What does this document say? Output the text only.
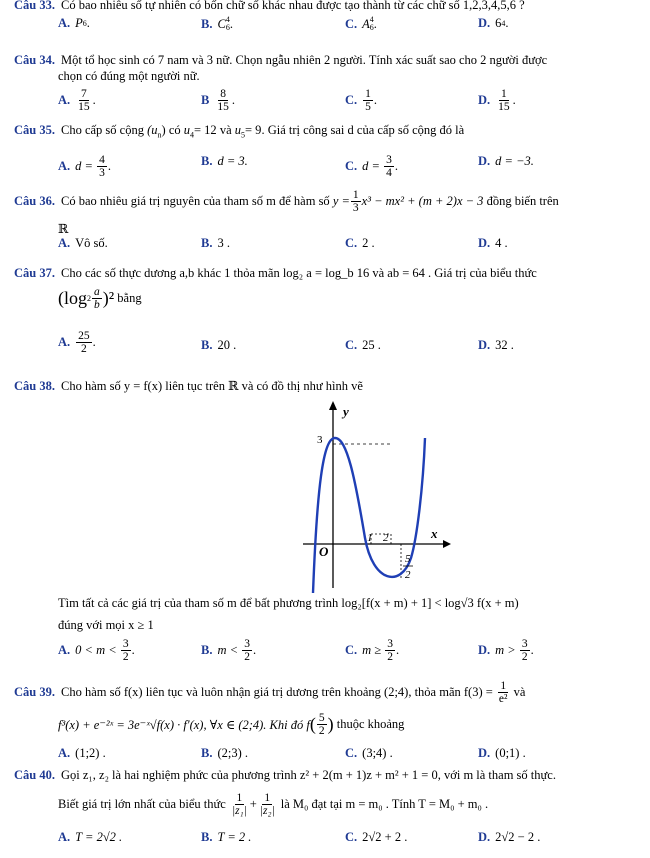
Câu 33. Có bao nhiêu số tự nhiên có bốn chữ số khác nhau được tạo thành từ các chữ số 1,2,3,4,5,6 ?
A. P 6 .	B. C 4
6 .	C. A 4
6 .	D. 6 4 .
Câu 34. Một tổ học sinh có 7 nam và 3 nữ. Chọn ngẫu nhiên 2 người. Tính xác suất sao cho 2 người được
chọn có đúng một người nữ.
A. $\frac{7}{15}$ .	B $\frac{8}{15}$ .	C. $\frac{1}{5}$ .	D. $\frac{1}{15}$ .
Câu 35. Cho cấp số cộng $(u_n)$ có $u_4= 12$ và $u_5= 9$. Giá trị công sai d của cấp số cộng đó là
A. d =
$\frac{4}{3}$ .	B. d = 3.	C. d =
$\frac{3}{4}$ .	D. d = −3.
Câu 36. Có bao nhiêu giá trị nguyên của tham số m để hàm số
$y = \frac{1}{3} x^3 - mx^2 + (m + 2)x - 3$
đồng biến trên
ℝ
A. Vô số.	B. 3 .	C. 2 .	D. 4 .
Câu 37. Cho các số thực dương a,b khác 1 thỏa mãn log₂ a = log_b 16 và ab = 64 . Giá trị của biểu thức
(log $2 \frac{a}{b} )^2$
bằng
A. $\frac{25}{2}$ .	B. 20 .	C. 25 .	D. 32 .
Câu 38. Cho hàm số y = f(x) liên tục trên ℝ và có đồ thị như hình vẽ
y
x
O
3
1 2
5
2
Tìm tất cả các giá trị của tham số m để bất phương trình log₂[f(x + m) + 1] < log√3 f(x + m)
đúng với mọi x ≥ 1
A. 0 < m <
$\frac{3}{2}$ .	B. m <
$\frac{3}{2}$ .	C. m ≥
$\frac{3}{2}$ .	D. m >
$\frac{3}{2}$ .
Câu 39. Cho hàm số f(x) liên tục và luôn nhận giá trị dương trên khoảng (2;4), thỏa mãn f(3) =
$\frac{1}{\text{e²}}$
và
f³(x) + e⁻²ˣ = 3e⁻ˣ√f(x) · f′(x), ∀x ∈ (2;4). Khi đó f ( $\frac{5}{2}$ )
thuộc khoảng
A. (1;2) .	B. (2;3) .	C. (3;4) .	D. (0;1) .
Câu 40. Gọi z₁, z₂ là hai nghiệm phức của phương trình z² + 2(m + 1)z + m² + 1 = 0, với m là tham số thực.
Biết giá trị lớn nhất của biểu thức
$\frac{1}{\text{|z₁|}} + \frac{1}{\text{|z₂|}}$
là M₀ đạt tại m = m₀ . Tính T = M₀ + m₀ .
A. T = 2√2 .	B. T = 2 .	C. 2√2 + 2 .	D. 2√2 − 2 .
